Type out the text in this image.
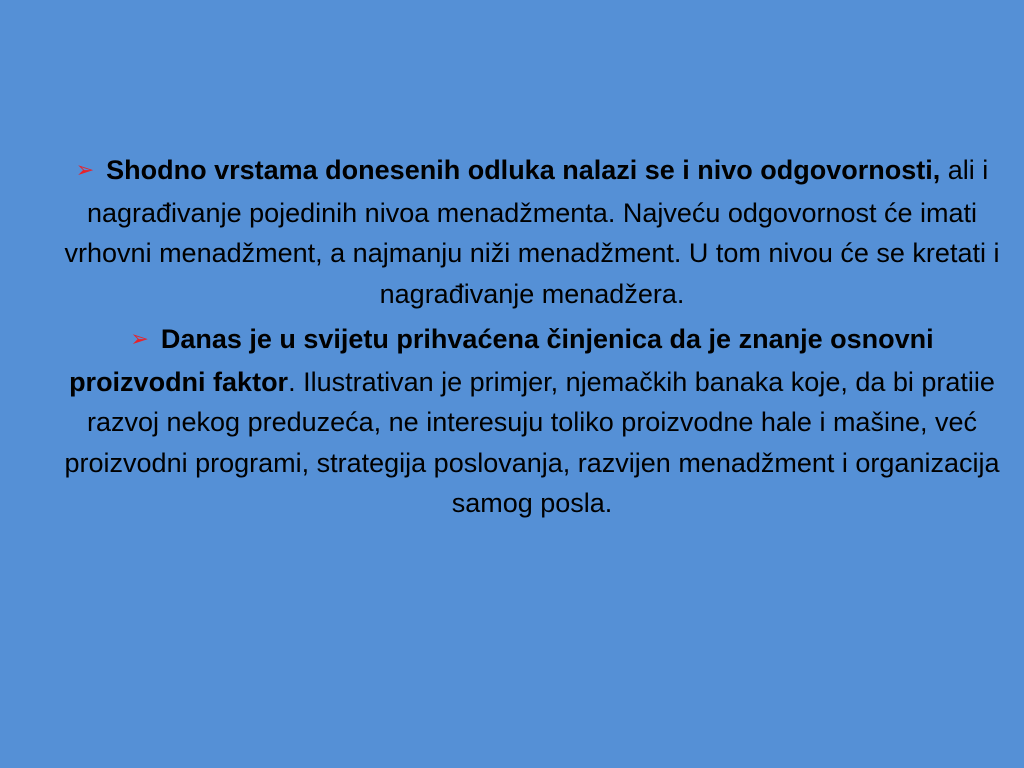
➢ Shodno vrstama donesenih odluka nalazi se i nivo odgovornosti, ali i nagrađivanje pojedinih nivoa menadžmenta. Najveću odgovornost će imati vrhovni menadžment, a najmanju niži menadžment. U tom nivou će se kretati i nagrađivanje menadžera.

➢ Danas je u svijetu prihvaćena činjenica da je znanje osnovni proizvodni faktor. Ilustrativan je primjer, njemačkih banaka koje, da bi pratiie razvoj nekog preduzeća, ne interesuju toliko proizvodne hale i mašine, već proizvodni programi, strategija poslovanja, razvijen menadžment i organizacija samog posla.
